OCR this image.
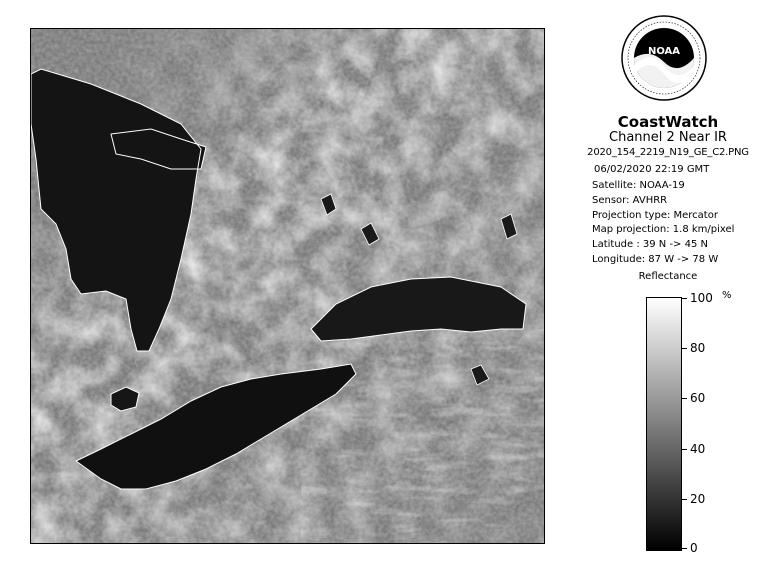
NOAA
CoastWatch
Channel 2 Near IR
2020_154_2219_N19_GE_C2.PNG
06/02/2020 22:19 GMT
Satellite: NOAA-19
Sensor: AVHRR
Projection type: Mercator
Map projection: 1.8 km/pixel
Latitude : 39 N -> 45 N
Longitude: 87 W -> 78 W
Reflectance
%
100
80
60
40
20
0
